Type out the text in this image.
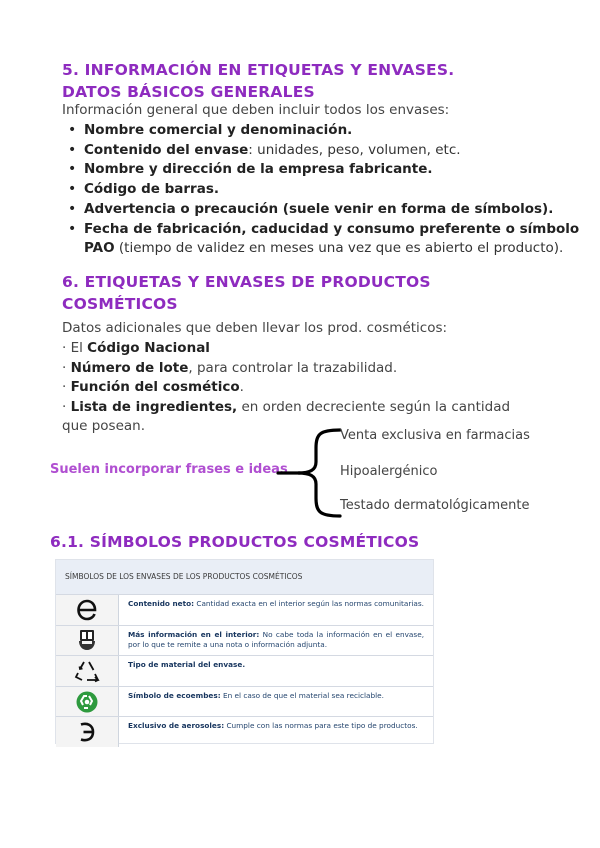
5. INFORMACIÓN EN ETIQUETAS Y ENVASES.
DATOS BÁSICOS GENERALES
Información general que deben incluir todos los envases:
• Nombre comercial y denominación.
• Contenido del envase: unidades, peso, volumen, etc.
• Nombre y dirección de la empresa fabricante.
• Código de barras.
• Advertencia o precaución (suele venir en forma de símbolos).
• Fecha de fabricación, caducidad y consumo preferente o símbolo
PAO (tiempo de validez en meses una vez que es abierto el producto).
6. ETIQUETAS Y ENVASES DE PRODUCTOS
COSMÉTICOS
Datos adicionales que deben llevar los prod. cosméticos:
· El Código Nacional
· Número de lote, para controlar la trazabilidad.
· Función del cosmético.
· Lista de ingredientes, en orden decreciente según la cantidad que posean.
Suelen incorporar frases e ideas
Venta exclusiva en farmacias
Hipoalergénico
Testado dermatológicamente
6.1. SÍMBOLOS PRODUCTOS COSMÉTICOS
SÍMBOLOS DE LOS ENVASES DE LOS PRODUCTOS COSMÉTICOS
Contenido neto: Cantidad exacta en el interior según las normas comunitarias.
Más información en el interior: No cabe toda la información en el envase, por lo que te remite a una nota o información adjunta.
Tipo de material del envase.
Símbolo de ecoembes: En el caso de que el material sea reciclable.
Exclusivo de aerosoles: Cumple con las normas para este tipo de productos.
